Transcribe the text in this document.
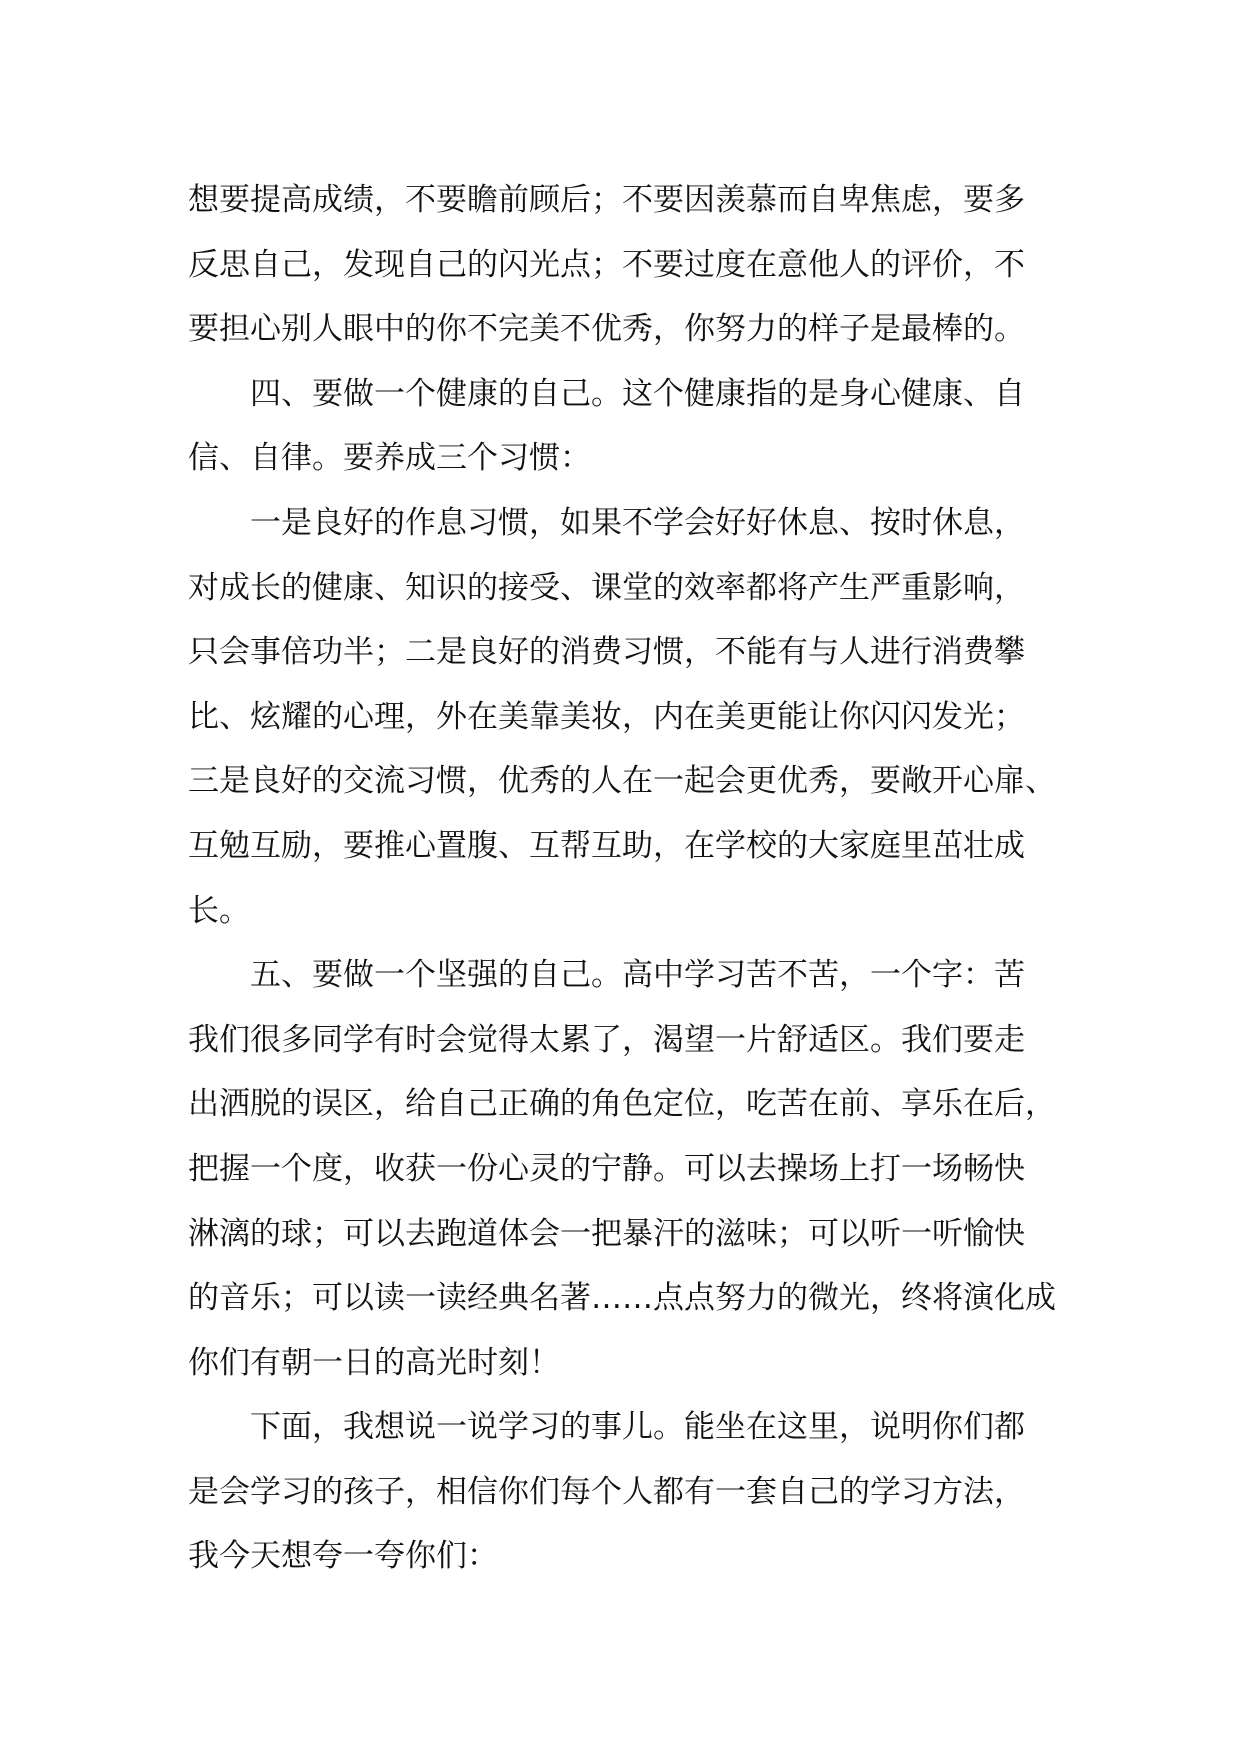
想要提高成绩，不要瞻前顾后；不要因羡慕而自卑焦虑，要多
反思自己，发现自己的闪光点；不要过度在意他人的评价，不
要担心别人眼中的你不完美不优秀，你努力的样子是最棒的。
四、要做一个健康的自己。这个健康指的是身心健康、自
信、自律。要养成三个习惯：
一是良好的作息习惯，如果不学会好好休息、按时休息，
对成长的健康、知识的接受、课堂的效率都将产生严重影响，
只会事倍功半；二是良好的消费习惯，不能有与人进行消费攀
比、炫耀的心理，外在美靠美妆，内在美更能让你闪闪发光；
三是良好的交流习惯，优秀的人在一起会更优秀，要敞开心扉、
互勉互励，要推心置腹、互帮互助，在学校的大家庭里茁壮成
长。
五、要做一个坚强的自己。高中学习苦不苦，一个字：苦
我们很多同学有时会觉得太累了，渴望一片舒适区。我们要走
出洒脱的误区，给自己正确的角色定位，吃苦在前、享乐在后，
把握一个度，收获一份心灵的宁静。可以去操场上打一场畅快
淋漓的球；可以去跑道体会一把暴汗的滋味；可以听一听愉快
的音乐；可以读一读经典名著……点点努力的微光，终将演化成
你们有朝一日的高光时刻！
下面，我想说一说学习的事儿。能坐在这里，说明你们都
是会学习的孩子，相信你们每个人都有一套自己的学习方法，
我今天想夸一夸你们：
